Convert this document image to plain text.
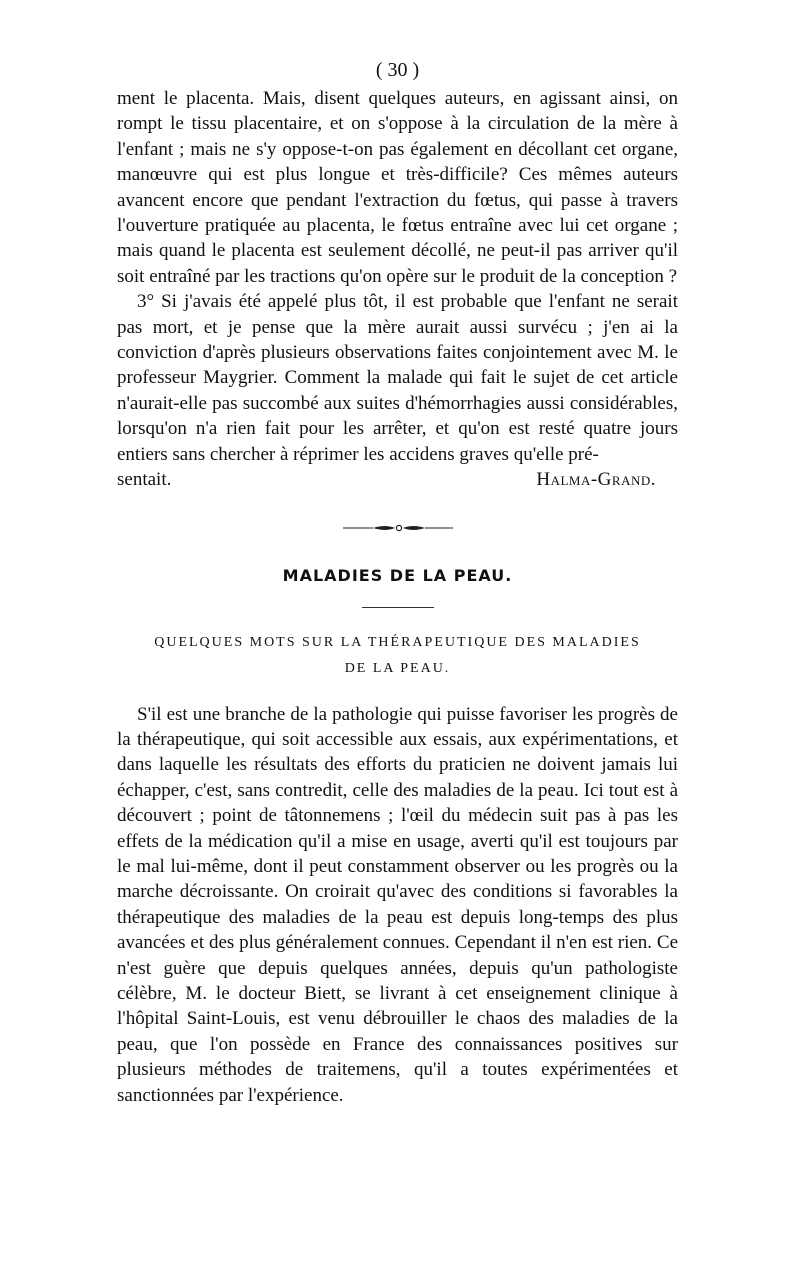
( 30 )

ment le placenta. Mais, disent quelques auteurs, en agissant ainsi, on rompt le tissu placentaire, et on s'oppose à la circulation de la mère à l'enfant ; mais ne s'y oppose-t-on pas également en décollant cet organe, manœuvre qui est plus longue et très-difficile? Ces mêmes auteurs avancent encore que pendant l'extraction du fœtus, qui passe à travers l'ouverture pratiquée au placenta, le fœtus entraîne avec lui cet organe ; mais quand le placenta est seulement décollé, ne peut-il pas arriver qu'il soit entraîné par les tractions qu'on opère sur le produit de la conception ?

3° Si j'avais été appelé plus tôt, il est probable que l'enfant ne serait pas mort, et je pense que la mère aurait aussi survécu ; j'en ai la conviction d'après plusieurs observations faites conjointement avec M. le professeur Maygrier. Comment la malade qui fait le sujet de cet article n'aurait-elle pas succombé aux suites d'hémorrhagies aussi considérables, lorsqu'on n'a rien fait pour les arrêter, et qu'on est resté quatre jours entiers sans chercher à réprimer les accidens graves qu'elle pré-

sentait.	Halma-Grand.
MALADIES DE LA PEAU.
QUELQUES MOTS SUR LA THÉRAPEUTIQUE DES MALADIES
DE LA PEAU.

S'il est une branche de la pathologie qui puisse favoriser les progrès de la thérapeutique, qui soit accessible aux essais, aux expérimentations, et dans laquelle les résultats des efforts du praticien ne doivent jamais lui échapper, c'est, sans contredit, celle des maladies de la peau. Ici tout est à découvert ; point de tâtonnemens ; l'œil du médecin suit pas à pas les effets de la médication qu'il a mise en usage, averti qu'il est toujours par le mal lui-même, dont il peut constamment observer ou les progrès ou la marche décroissante. On croirait qu'avec des conditions si favorables la thérapeutique des maladies de la peau est depuis long-temps des plus avancées et des plus généralement connues. Cependant il n'en est rien. Ce n'est guère que depuis quelques années, depuis qu'un pathologiste célèbre, M. le docteur Biett, se livrant à cet enseignement clinique à l'hôpital Saint-Louis, est venu débrouiller le chaos des maladies de la peau, que l'on possède en France des connaissances positives sur plusieurs méthodes de traitemens, qu'il a toutes expérimentées et sanctionnées par l'expérience.
